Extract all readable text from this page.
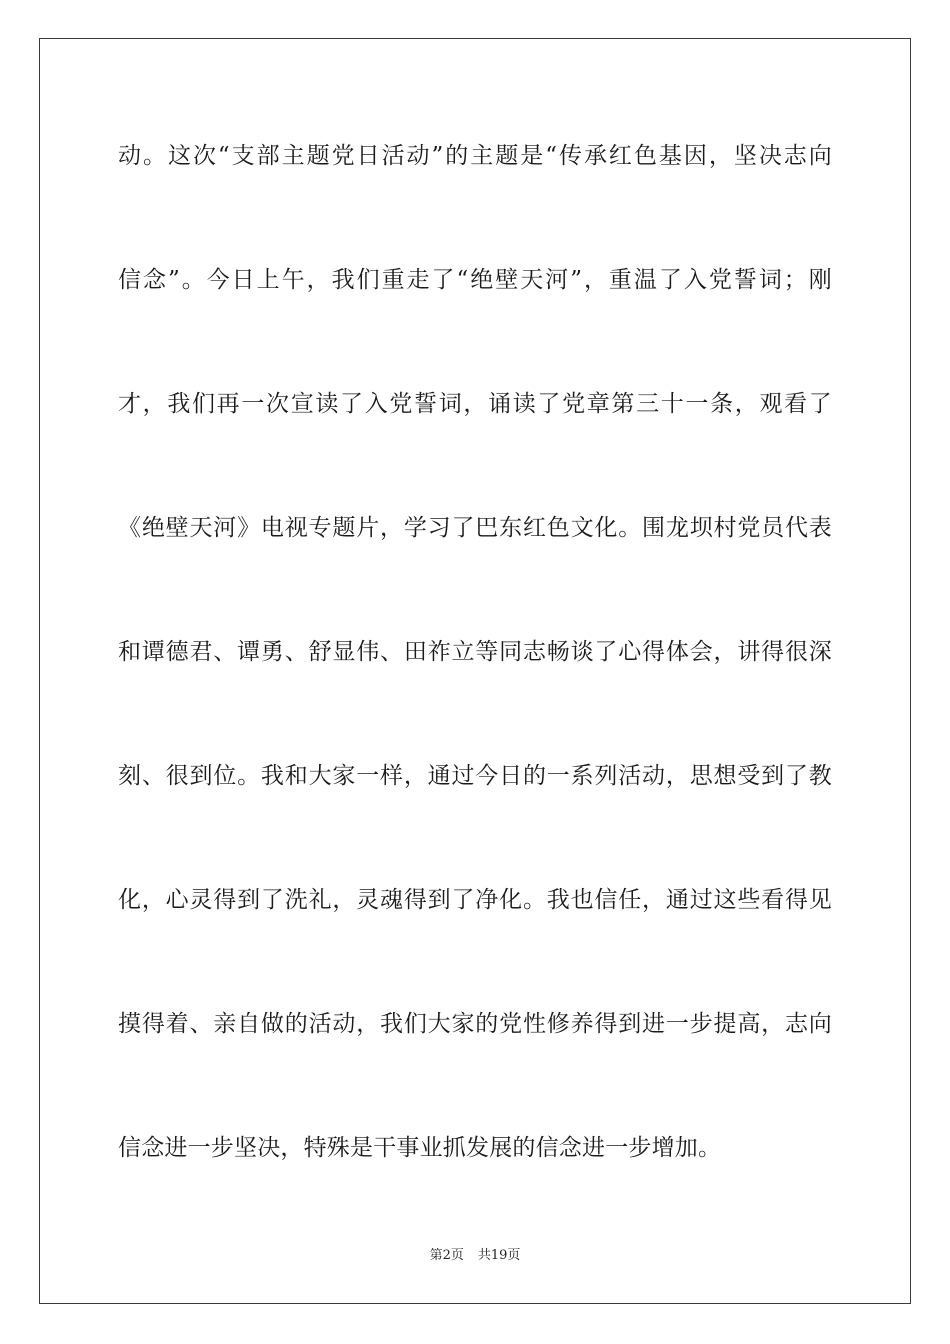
动。这次“支部主题党日活动”的主题是“传承红色基因，坚决志向
信念”。今日上午，我们重走了“绝壁天河”，重温了入党誓词；刚
才，我们再一次宣读了入党誓词，诵读了党章第三十一条，观看了
《绝壁天河》电视专题片，学习了巴东红色文化。围龙坝村党员代表
和谭德君、谭勇、舒显伟、田祚立等同志畅谈了心得体会，讲得很深
刻、很到位。我和大家一样，通过今日的一系列活动，思想受到了教
化，心灵得到了洗礼，灵魂得到了净化。我也信任，通过这些看得见
摸得着、亲自做的活动，我们大家的党性修养得到进一步提高，志向
信念进一步坚决，特殊是干事业抓发展的信念进一步增加。
第2页 共19页
